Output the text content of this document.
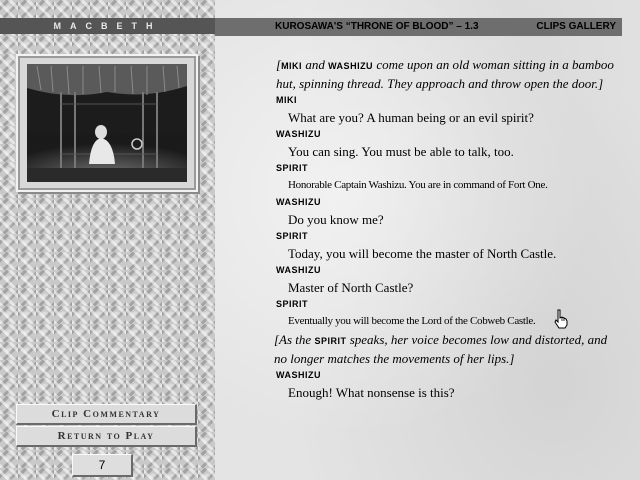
MACBETH	KUROSAWA'S “THRONE OF BLOOD” – 1.3	CLIPS GALLERY
[MIKI and WASHIZU come upon an old woman sitting in a bamboo hut, spinning thread. They approach and throw open the door.]
MIKI
What are you? A human being or an evil spirit?
WASHIZU
You can sing. You must be able to talk, too.
SPIRIT
Honorable Captain Washizu. You are in command of Fort One.
WASHIZU
Do you know me?
SPIRIT
Today, you will become the master of North Castle.
WASHIZU
Master of North Castle?
SPIRIT
Eventually you will become the Lord of the Cobweb Castle.
[As the SPIRIT speaks, her voice becomes low and distorted, and no longer matches the movements of her lips.]
WASHIZU
Enough! What nonsense is this?
Clip Commentary
Return to Play
7
